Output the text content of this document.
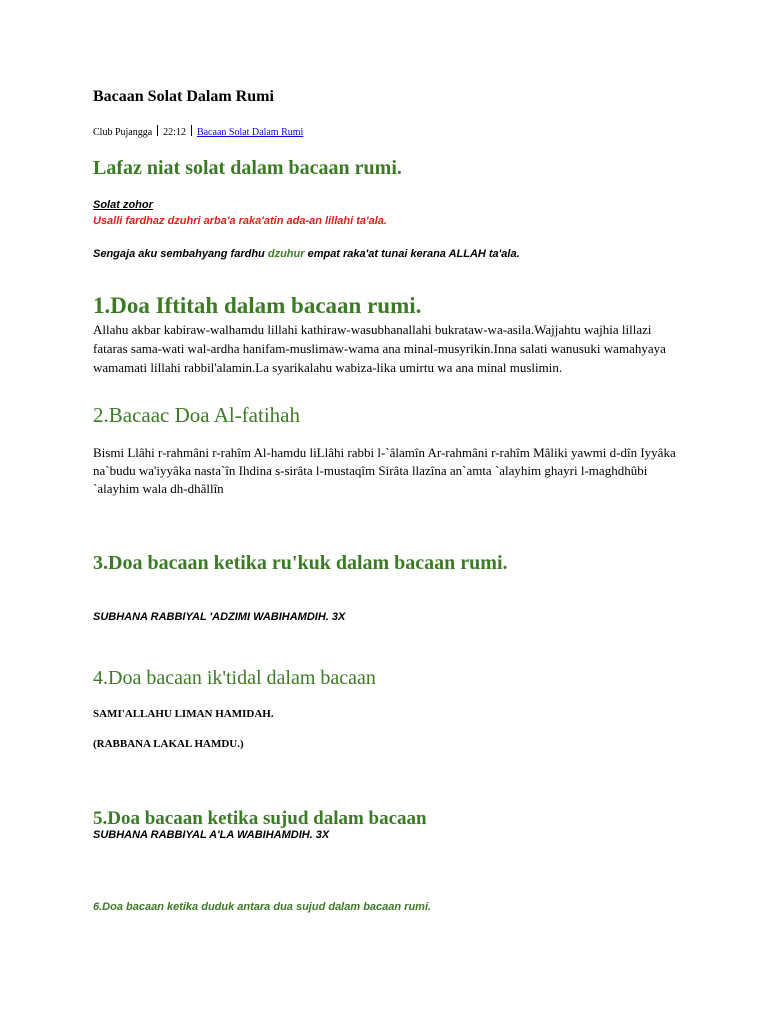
Bacaan Solat Dalam Rumi
Club Pujangga 22:12 Bacaan Solat Dalam Rumi
Lafaz niat solat dalam bacaan rumi.
Solat zohor
Usalli fardhaz dzuhri arba'a raka'atin ada-an lillahi ta'ala.
Sengaja aku sembahyang fardhu dzuhur empat raka'at tunai kerana ALLAH ta'ala.
1.Doa Iftitah dalam bacaan rumi.
Allahu akbar kabiraw-walhamdu lillahi kathiraw-wasubhanallahi bukrataw-wa-asila.Wajjahtu wajhia lillazi fataras sama-wati wal-ardha hanifam-muslimaw-wama ana minal-musyrikin.Inna salati wanusuki wamahyaya wamamati lillahi rabbil'alamin.La syarikalahu wabiza-lika umirtu wa ana minal muslimin.
2.Bacaac Doa Al-fatihah
Bismi Llâhi r-rahmâni r-rahîm Al-hamdu liLlâhi rabbi l-`âlamîn Ar-rahmâni r-rahîm Mâliki yawmi d-dîn Iyyâka na`budu wa'iyyâka nasta`în Ihdina s-sirâta l-mustaqîm Sirâta llazîna an`amta `alayhim ghayri l-maghdhûbi `alayhim wala dh-dhâllîn
3.Doa bacaan ketika ru'kuk dalam bacaan rumi.
SUBHANA RABBIYAL 'ADZIMI WABIHAMDIH. 3X
4.Doa bacaan ik'tidal dalam bacaan
SAMI'ALLAHU LIMAN HAMIDAH.
(RABBANA LAKAL HAMDU.)
5.Doa bacaan ketika sujud dalam bacaan
SUBHANA RABBIYAL A'LA WABIHAMDIH. 3X
6.Doa bacaan ketika duduk antara dua sujud dalam bacaan rumi.
